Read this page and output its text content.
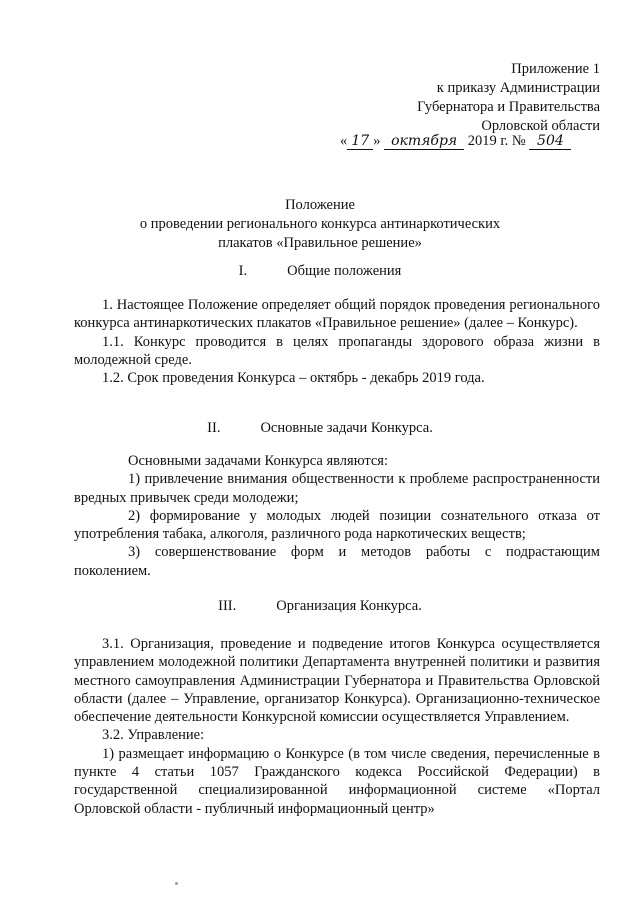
Приложение 1
к приказу Администрации
Губернатора и Правительства
Орловской области
« 17 » октября 2019 г. № 504
Положение
о проведении регионального конкурса антинаркотических
плакатов «Правильное решение»
I.	Общие положения
1. Настоящее Положение определяет общий порядок проведения регионального конкурса антинаркотических плакатов «Правильное решение» (далее – Конкурс).
1.1. Конкурс проводится в целях пропаганды здорового образа жизни в молодежной среде.
1.2. Срок проведения Конкурса – октябрь - декабрь 2019 года.
II.	Основные задачи Конкурса.
Основными задачами Конкурса являются:
1) привлечение внимания общественности к проблеме распространенности вредных привычек среди молодежи;
2) формирование у молодых людей позиции сознательного отказа от употребления табака, алкоголя, различного рода наркотических веществ;
3) совершенствование форм и методов работы с подрастающим поколением.
III.	Организация Конкурса.
3.1. Организация, проведение и подведение итогов Конкурса осуществляется управлением молодежной политики Департамента внутренней политики и развития местного самоуправления Администрации Губернатора и Правительства Орловской области (далее – Управление, организатор Конкурса). Организационно-техническое обеспечение деятельности Конкурсной комиссии осуществляется Управлением.
3.2. Управление:
1) размещает информацию о Конкурсе (в том числе сведения, перечисленные в пункте 4 статьи 1057 Гражданского кодекса Российской Федерации) в государственной специализированной информационной системе «Портал Орловской области - публичный информационный центр»
